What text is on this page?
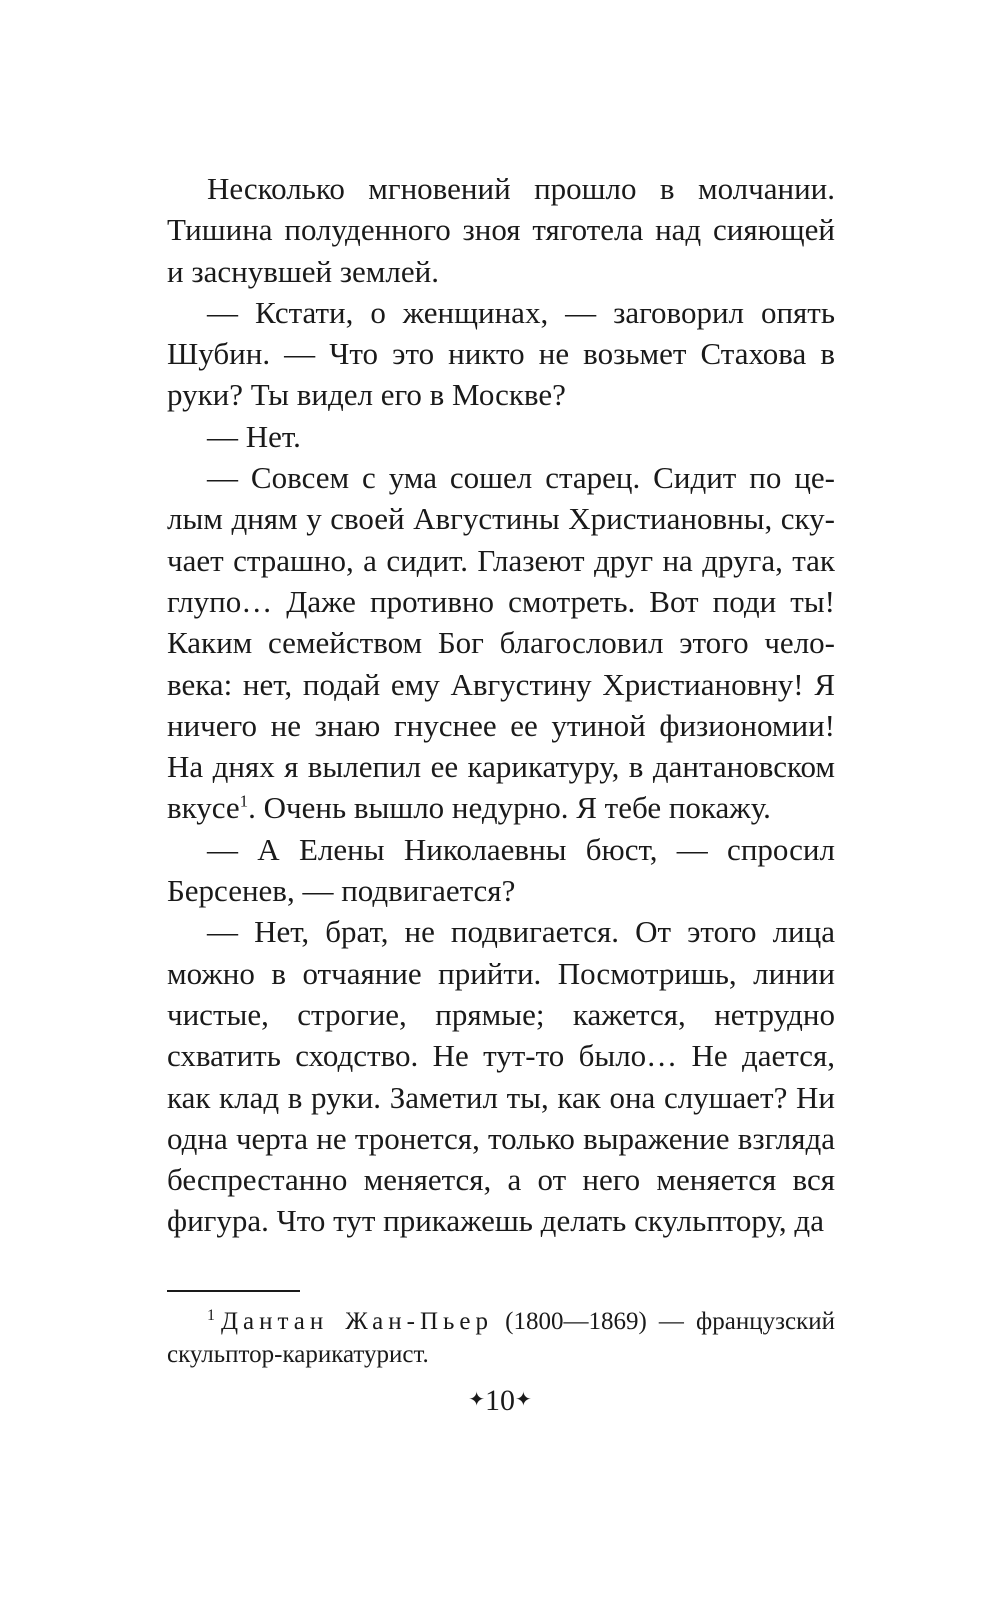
Несколько мгновений прошло в молчании. Тишина полуденного зноя тяготела над сияющей и заснувшей землей.

— Кстати, о женщинах, — заговорил опять Шубин. — Что это никто не возьмет Стахова в руки? Ты видел его в Москве?

— Нет.

— Совсем с ума сошел старец. Сидит по целым дням у своей Августины Христиановны, скучает страшно, а сидит. Глазеют друг на друга, так глупо… Даже противно смотреть. Вот поди ты! Каким семейством Бог благословил этого человека: нет, подай ему Августину Христиановну! Я ничего не знаю гнуснее ее утиной физиономии! На днях я вылепил ее карикатуру, в дантановском вкусе$^1$. Очень вышло недурно. Я тебе покажу.

— А Елены Николаевны бюст, — спросил Берсенев, — подвигается?

— Нет, брат, не подвигается. От этого лица можно в отчаяние прийти. Посмотришь, линии чистые, строгие, прямые; кажется, нетрудно схватить сходство. Не тут-то было… Не дается, как клад в руки. Заметил ты, как она слушает? Ни одна черта не тронется, только выражение взгляда беспрестанно меняется, а от него меняется вся фигура. Что тут прикажешь делать скульптору, да

$^1$ Дантан Жан-Пьер (1800—1869) — французский скульптор-карикатурист.
✦10✦
